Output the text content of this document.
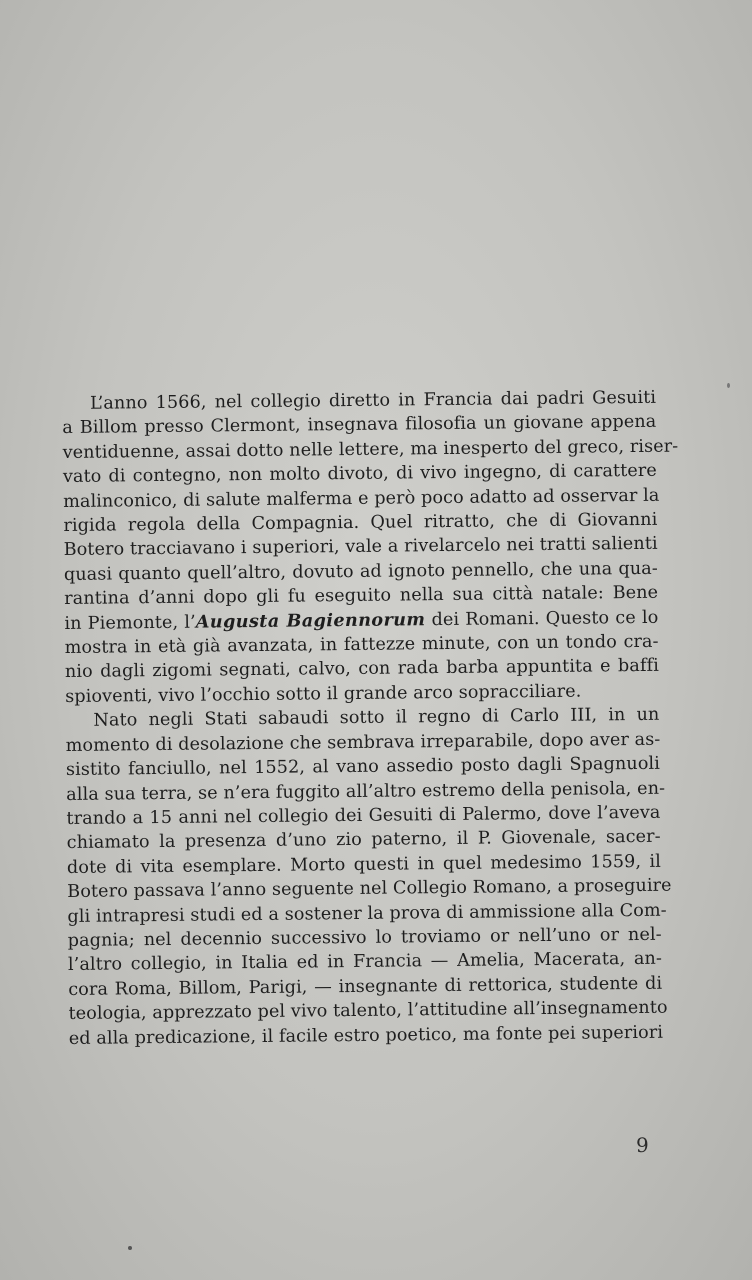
L’anno 1566, nel collegio diretto in Francia dai padri Gesuiti
a Billom presso Clermont, insegnava filosofia un giovane appena
ventiduenne, assai dotto nelle lettere, ma inesperto del greco, riser-
vato di contegno, non molto divoto, di vivo ingegno, di carattere
malinconico, di salute malferma e però poco adatto ad osservar la
rigida regola della Compagnia. Quel ritratto, che di Giovanni
Botero tracciavano i superiori, vale a rivelarcelo nei tratti salienti
quasi quanto quell’altro, dovuto ad ignoto pennello, che una qua-
rantina d’anni dopo gli fu eseguito nella sua città natale: Bene
in Piemonte, l’Augusta Bagiennorum dei Romani. Questo ce lo
mostra in età già avanzata, in fattezze minute, con un tondo cra-
nio dagli zigomi segnati, calvo, con rada barba appuntita e baffi
spioventi, vivo l’occhio sotto il grande arco sopracciliare.
Nato negli Stati sabaudi sotto il regno di Carlo III, in un
momento di desolazione che sembrava irreparabile, dopo aver as-
sistito fanciullo, nel 1552, al vano assedio posto dagli Spagnuoli
alla sua terra, se n’era fuggito all’altro estremo della penisola, en-
trando a 15 anni nel collegio dei Gesuiti di Palermo, dove l’aveva
chiamato la presenza d’uno zio paterno, il P. Giovenale, sacer-
dote di vita esemplare. Morto questi in quel medesimo 1559, il
Botero passava l’anno seguente nel Collegio Romano, a proseguire
gli intrapresi studi ed a sostener la prova di ammissione alla Com-
pagnia; nel decennio successivo lo troviamo or nell’uno or nel-
l’altro collegio, in Italia ed in Francia — Amelia, Macerata, an-
cora Roma, Billom, Parigi, — insegnante di rettorica, studente di
teologia, apprezzato pel vivo talento, l’attitudine all’insegnamento
ed alla predicazione, il facile estro poetico, ma fonte pei superiori
9
